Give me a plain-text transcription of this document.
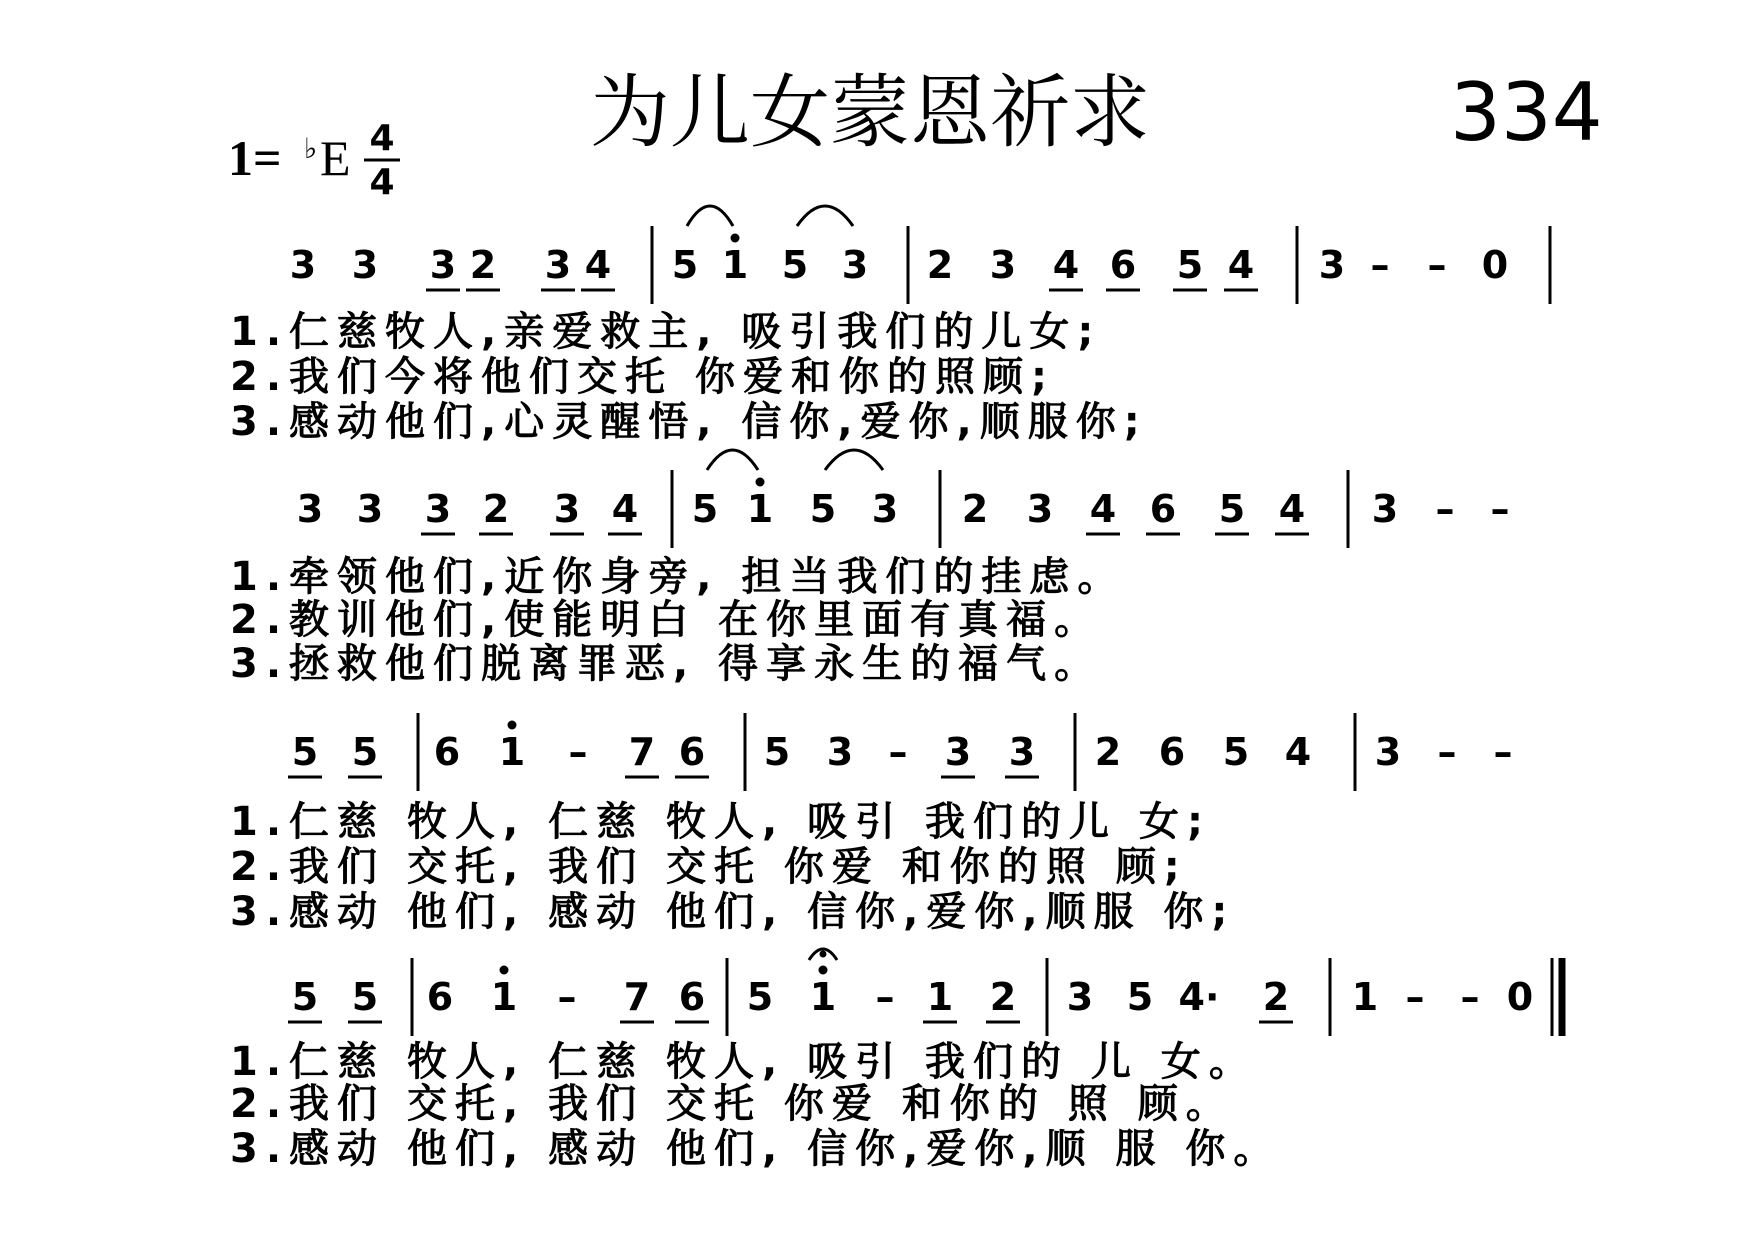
为儿女蒙恩祈求	334
1= ♭ E 4
4
3 3 3 2 3 4 5 1 5 3 2 3 4 6 5 4 3 – – 0
1.仁慈牧人,亲爱救主, 吸引我们的儿女;
2.我们今将他们交托 你爱和你的照顾;
3.感动他们,心灵醒悟, 信你,爱你,顺服你;
3 3 3 2 3 4 5 1 5 3 2 3 4 6 5 4 3 – –
1.牵领他们,近你身旁, 担当我们的挂虑。
2.教训他们,使能明白 在你里面有真福。
3.拯救他们脱离罪恶, 得享永生的福气。
5 5 6 1 – 7 6 5 3 – 3 3 2 6 5 4 3 – –
1.仁慈 牧人, 仁慈 牧人, 吸引 我们的儿 女;
2.我们 交托, 我们 交托 你爱 和你的照 顾;
3.感动 他们, 感动 他们, 信你,爱你,顺服 你;
5 5 6 1 – 7 6 5 1 – 1 2 3 5 4· 2 1 – – 0
1.仁慈 牧人, 仁慈 牧人, 吸引 我们的 儿 女。
2.我们 交托, 我们 交托 你爱 和你的 照 顾。
3.感动 他们, 感动 他们, 信你,爱你,顺 服 你。
